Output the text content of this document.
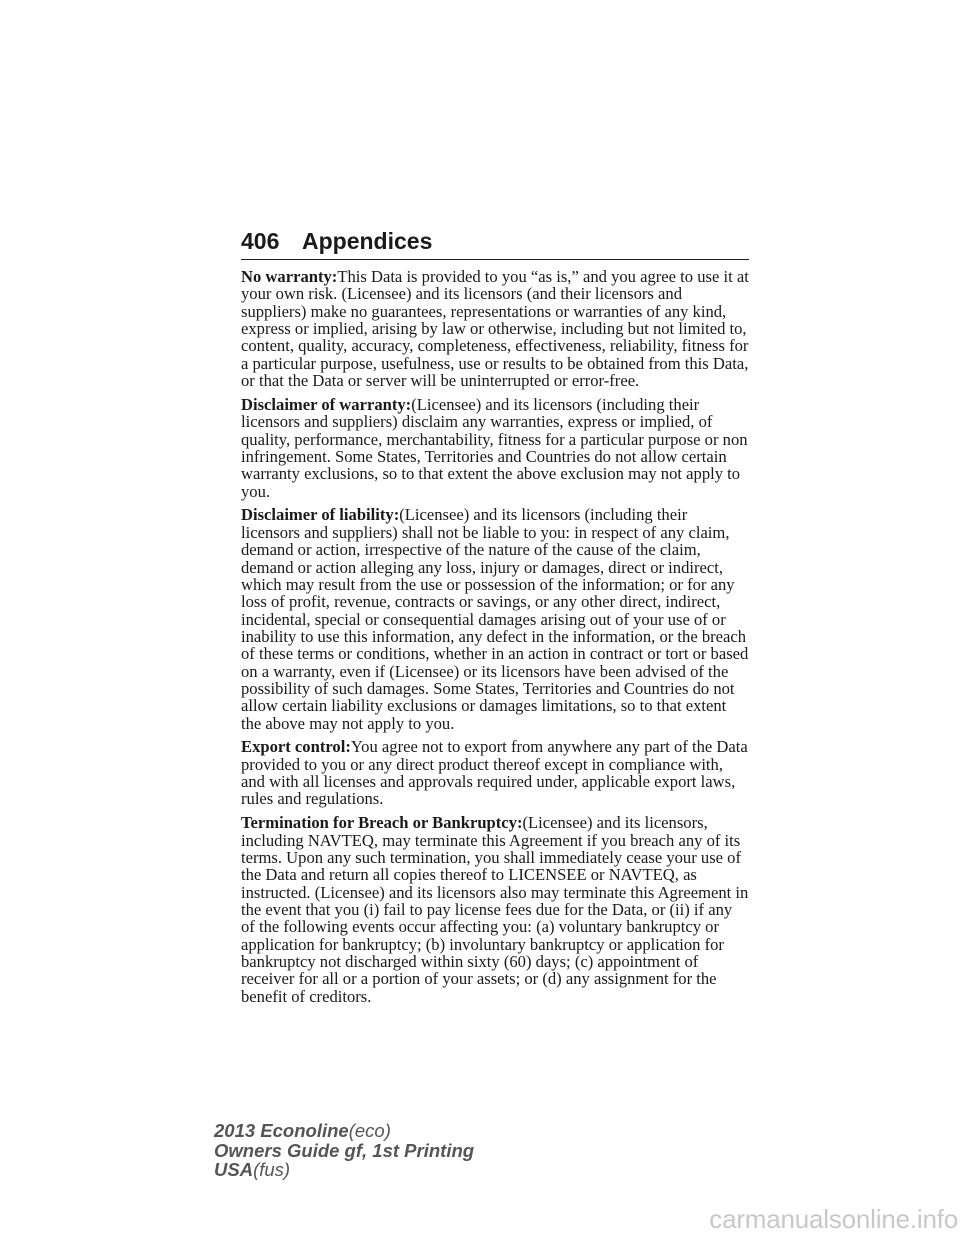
406 Appendices

No warranty:This Data is provided to you “as is,” and you agree to use it at your own risk. (Licensee) and its licensors (and their licensors and suppliers) make no guarantees, representations or warranties of any kind, express or implied, arising by law or otherwise, including but not limited to, content, quality, accuracy, completeness, effectiveness, reliability, fitness for a particular purpose, usefulness, use or results to be obtained from this Data, or that the Data or server will be uninterrupted or error-free.

Disclaimer of warranty:(Licensee) and its licensors (including their licensors and suppliers) disclaim any warranties, express or implied, of quality, performance, merchantability, fitness for a particular purpose or non infringement. Some States, Territories and Countries do not allow certain warranty exclusions, so to that extent the above exclusion may not apply to you.

Disclaimer of liability:(Licensee) and its licensors (including their licensors and suppliers) shall not be liable to you: in respect of any claim, demand or action, irrespective of the nature of the cause of the claim, demand or action alleging any loss, injury or damages, direct or indirect, which may result from the use or possession of the information; or for any loss of profit, revenue, contracts or savings, or any other direct, indirect, incidental, special or consequential damages arising out of your use of or inability to use this information, any defect in the information, or the breach of these terms or conditions, whether in an action in contract or tort or based on a warranty, even if (Licensee) or its licensors have been advised of the possibility of such damages. Some States, Territories and Countries do not allow certain liability exclusions or damages limitations, so to that extent the above may not apply to you.

Export control:You agree not to export from anywhere any part of the Data provided to you or any direct product thereof except in compliance with, and with all licenses and approvals required under, applicable export laws, rules and regulations.

Termination for Breach or Bankruptcy:(Licensee) and its licensors, including NAVTEQ, may terminate this Agreement if you breach any of its terms. Upon any such termination, you shall immediately cease your use of the Data and return all copies thereof to LICENSEE or NAVTEQ, as instructed. (Licensee) and its licensors also may terminate this Agreement in the event that you (i) fail to pay license fees due for the Data, or (ii) if any of the following events occur affecting you: (a) voluntary bankruptcy or application for bankruptcy; (b) involuntary bankruptcy or application for bankruptcy not discharged within sixty (60) days; (c) appointment of receiver for all or a portion of your assets; or (d) any assignment for the benefit of creditors.

2013 Econoline(eco)
Owners Guide gf, 1st Printing
USA(fus)
carmanualsonline.info
